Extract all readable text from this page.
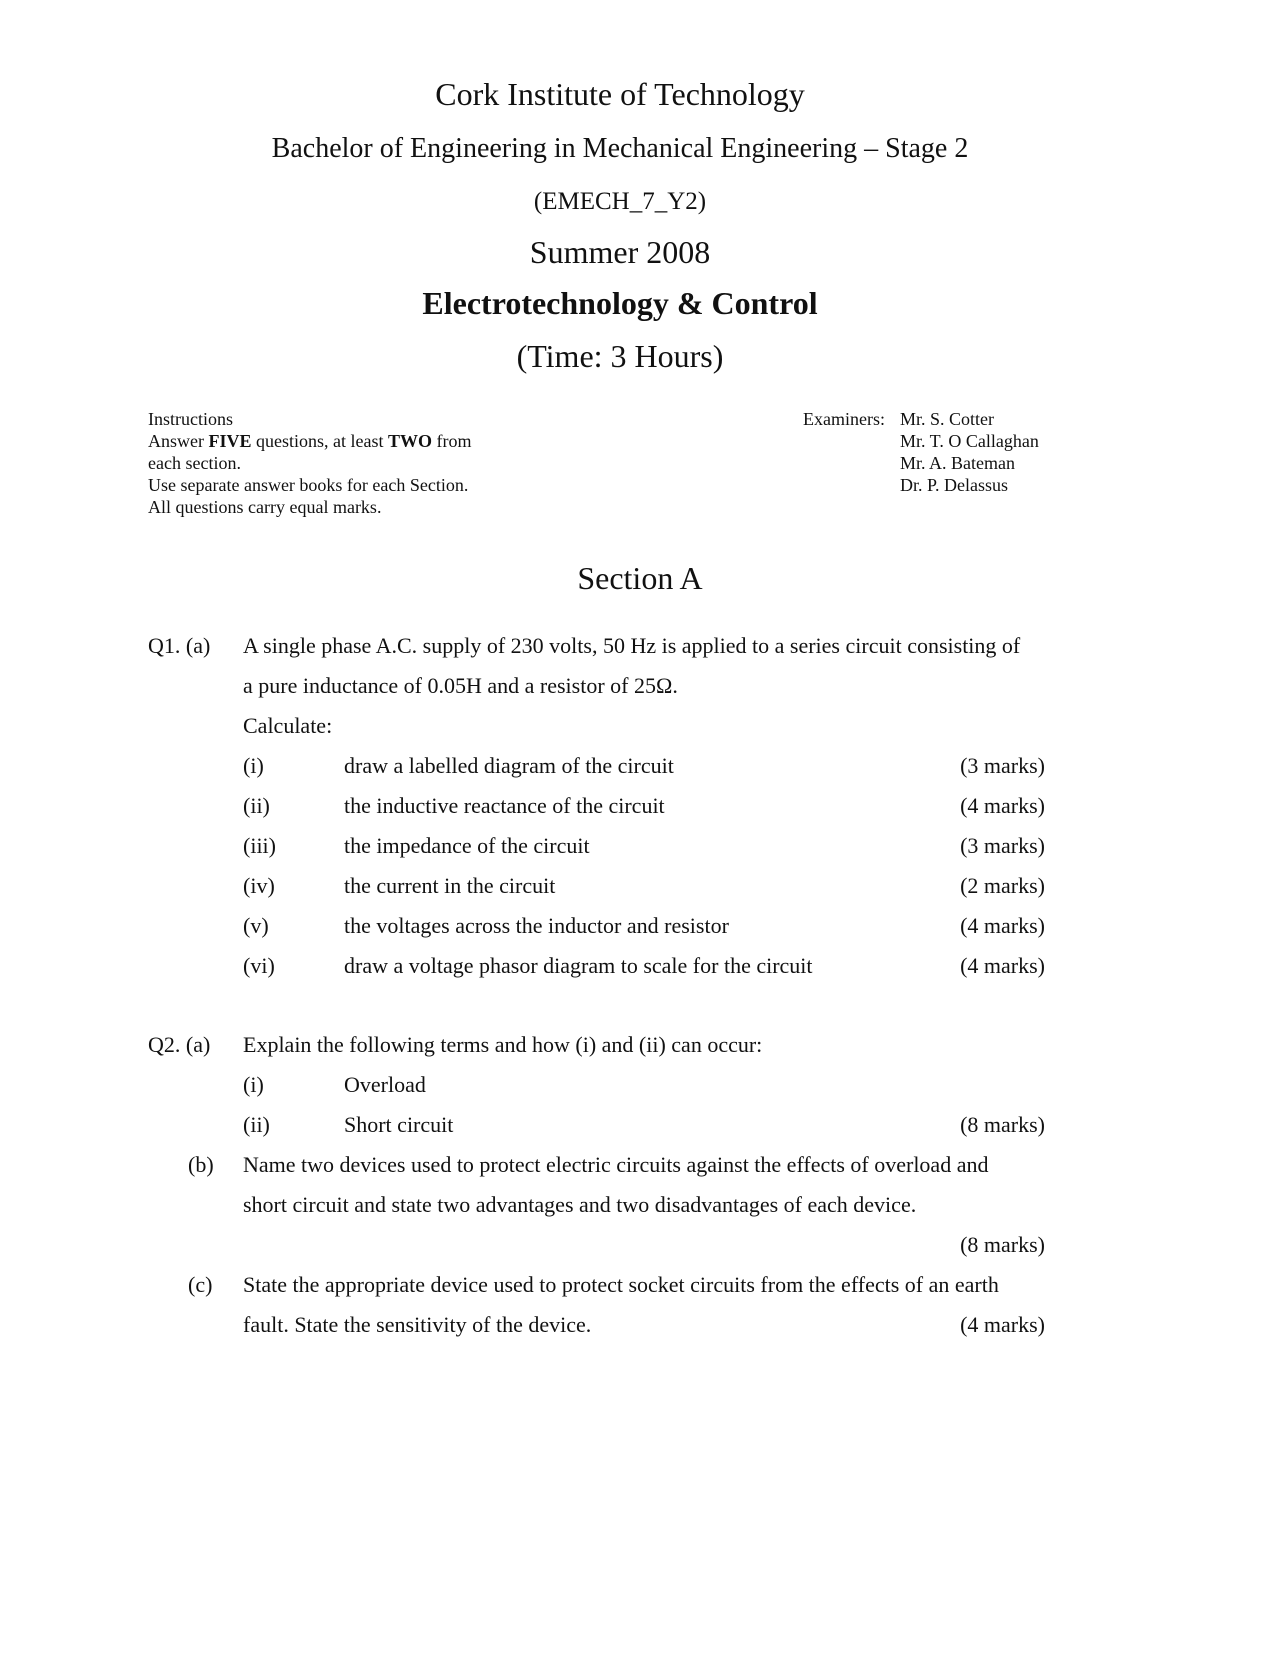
Cork Institute of Technology
Bachelor of Engineering in Mechanical Engineering – Stage 2
(EMECH_7_Y2)
Summer 2008
Electrotechnology & Control
(Time: 3 Hours)
Instructions
Answer FIVE questions, at least TWO from
each section.
Use separate answer books for each Section.
All questions carry equal marks.
Examiners: Mr. S. Cotter
Mr. T. O Callaghan
Mr. A. Bateman
Dr. P. Delassus
Section A
Q1. (a) A single phase A.C. supply of 230 volts, 50 Hz is applied to a series circuit consisting of
a pure inductance of 0.05H and a resistor of 25Ω.
Calculate:
(i)	draw a labelled diagram of the circuit	(3 marks)
(ii)	the inductive reactance of the circuit	(4 marks)
(iii)	the impedance of the circuit	(3 marks)
(iv)	the current in the circuit	(2 marks)
(v)	the voltages across the inductor and resistor	(4 marks)
(vi)	draw a voltage phasor diagram to scale for the circuit	(4 marks)
Q2. (a) Explain the following terms and how (i) and (ii) can occur:
(i)	Overload
(ii)	Short circuit	(8 marks)
(b) Name two devices used to protect electric circuits against the effects of overload and
short circuit and state two advantages and two disadvantages of each device.
(8 marks)
(c) State the appropriate device used to protect socket circuits from the effects of an earth
fault. State the sensitivity of the device.	(4 marks)
